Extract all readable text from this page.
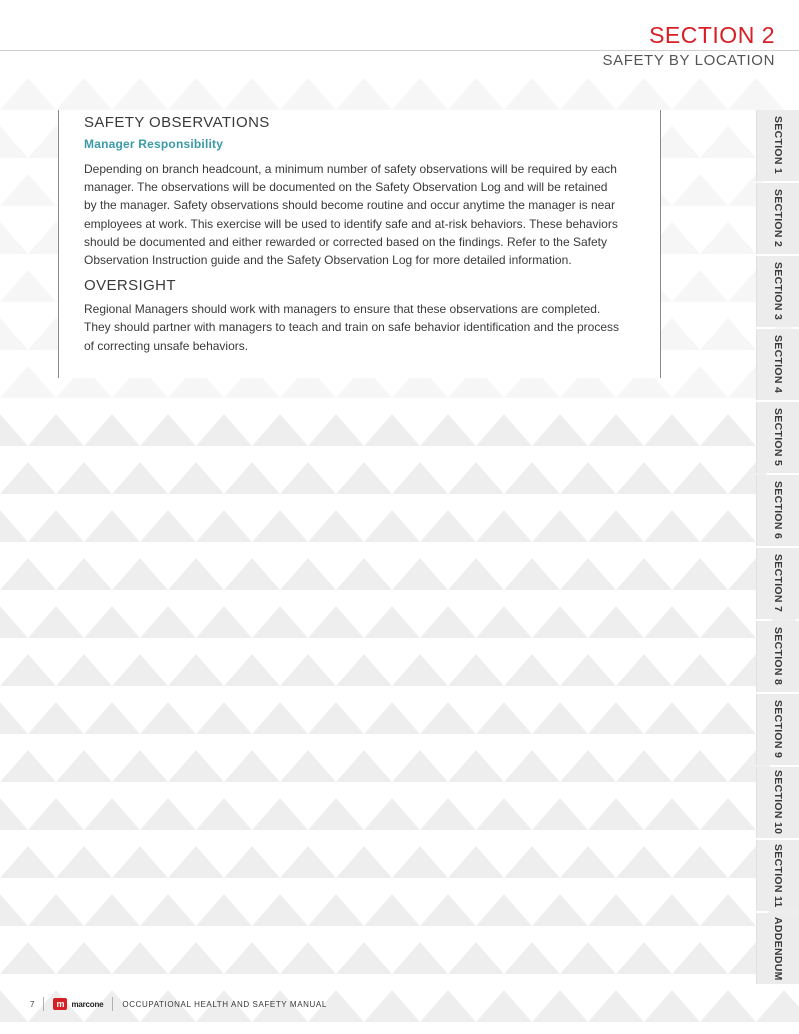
SECTION 2
SAFETY BY LOCATION
SAFETY OBSERVATIONS
Manager Responsibility

Depending on branch headcount, a minimum number of safety observations will be required by each manager. The observations will be documented on the Safety Observation Log and will be retained by the manager. Safety observations should become routine and occur anytime the manager is near employees at work. This exercise will be used to identify safe and at-risk behaviors. These behaviors should be documented and either rewarded or corrected based on the findings. Refer to the Safety Observation Instruction guide and the Safety Observation Log for more detailed information.

OVERSIGHT

Regional Managers should work with managers to ensure that these observations are completed. They should partner with managers to teach and train on safe behavior identification and the process of correcting unsafe behaviors.

SECTION 1
SECTION 2
SECTION 3
SECTION 4
SECTION 5
SECTION 6
SECTION 7
SECTION 8
SECTION 9
SECTION 10
SECTION 11
ADDENDUM
7	m marcone OCCUPATIONAL HEALTH AND SAFETY MANUAL
